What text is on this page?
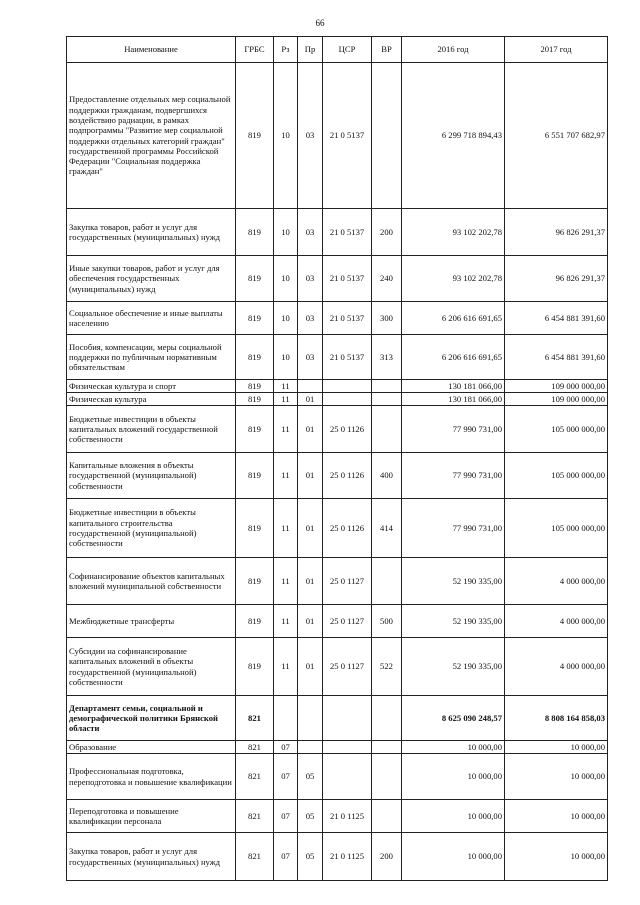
66
Наименование	ГРБС	Рз	Пр	ЦСР	ВР	2016 год	2017 год
Предоставление отдельных мер социальной поддержки гражданам, подвергшихся воздействию радиации, в рамках подпрограммы "Развитие мер социальной поддержки отдельных категорий граждан" государственной программы Российской Федерации "Социальная поддержка граждан"	819	10	03	21 0 5137		6 299 718 894,43	6 551 707 682,97
Закупка товаров, работ и услуг для государственных (муниципальных) нужд	819	10	03	21 0 5137	200	93 102 202,78	96 826 291,37
Иные закупки товаров, работ и услуг для обеспечения государственных (муниципальных) нужд	819	10	03	21 0 5137	240	93 102 202,78	96 826 291,37
Социальное обеспечение и иные выплаты населению	819	10	03	21 0 5137	300	6 206 616 691,65	6 454 881 391,60
Пособия, компенсации, меры социальной поддержки по публичным нормативным обязательствам	819	10	03	21 0 5137	313	6 206 616 691,65	6 454 881 391,60
Физическая культура и спорт	819	11				130 181 066,00	109 000 000,00
Физическая культура	819	11	01			130 181 066,00	109 000 000,00
Бюджетные инвестиции в объекты капитальных вложений государственной собственности	819	11	01	25 0 1126		77 990 731,00	105 000 000,00
Капитальные вложения в объекты государственной (муниципальной) собственности	819	11	01	25 0 1126	400	77 990 731,00	105 000 000,00
Бюджетные инвестиции в объекты капитального строительства государственной (муниципальной) собственности	819	11	01	25 0 1126	414	77 990 731,00	105 000 000,00
Софинансирование объектов капитальных вложений муниципальной собственности	819	11	01	25 0 1127		52 190 335,00	4 000 000,00
Межбюджетные трансферты	819	11	01	25 0 1127	500	52 190 335,00	4 000 000,00
Субсидии на софинансирование капитальных вложений в объекты государственной (муниципальной) собственности	819	11	01	25 0 1127	522	52 190 335,00	4 000 000,00
Департамент семьи, социальной и демографической политики Брянской области	821					8 625 090 248,57	8 808 164 858,03
Образование	821	07				10 000,00	10 000,00
Профессиональная подготовка, переподготовка и повышение квалификации	821	07	05			10 000,00	10 000,00
Переподготовка и повышение квалификации персонала	821	07	05	21 0 1125		10 000,00	10 000,00
Закупка товаров, работ и услуг для государственных (муниципальных) нужд	821	07	05	21 0 1125	200	10 000,00	10 000,00
